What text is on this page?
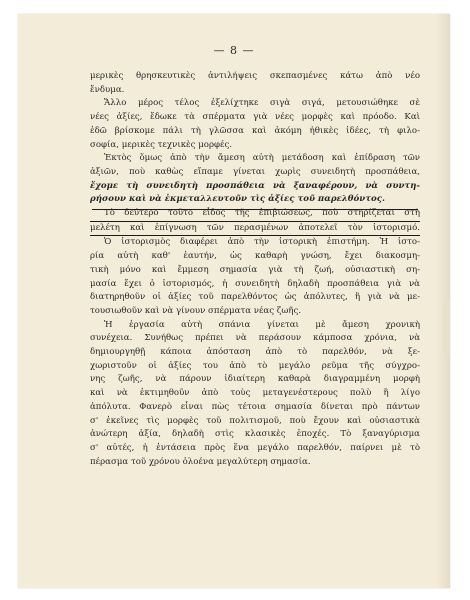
— 8 —
μερικὲς θρησκευτικὲς ἀντιλήψεις σκεπασμένες κάτω ἀπὸ νέο
ἔνδυμα.
Ἄλλο μέρος τέλος ἐξελίχτηκε σιγὰ σιγά, μετουσιώθηκε σὲ
νέες ἀξίες, ἔδωκε τὰ σπέρματα γιὰ νέες μορφὲς καὶ πρόοδο. Καὶ
ἐδῶ βρίσκομε πάλι τὴ γλῶσσα καὶ ἀκόμη ἠθικὲς ἰδέες, τὴ φιλο-
σοφία, μερικὲς τεχνικὲς μορφές.
Ἐκτὸς ὅμως ἀπὸ τὴν ἄμεση αὐτὴ μετάδοση καὶ ἐπίδραση τῶν
ἀξιῶν, ποὺ καθὼς εἴπαμε γίνεται χωρὶς συνειδητὴ προσπάθεια,
ἔχομε τὴ συνειδητὴ προσπάθεια νὰ ξαναφέρουν, νὰ συντη-
ρήσουν καὶ νὰ ἐκμεταλλευτοῦν τὶς ἀξίες τοῦ παρελθόντος.
Τὸ δεύτερο τοῦτο εἶδος τῆς ἐπιβιώσεως, ποὺ στηρίζεται στὴ
μελέτη καὶ ἐπίγνωση τῶν περασμένων ἀποτελεῖ τὸν ἱστορισμό.
Ὁ ἱστορισμὸς διαφέρει ἀπὸ τὴν ἱστορικὴ ἐπιστήμη. Ἡ ἱστο-
ρία αὐτὴ καθ' ἑαυτήν, ὡς καθαρὴ γνώση, ἔχει διακοσμη-
τικὴ μόνο καὶ ἔμμεση σημασία γιὰ τὴ ζωή, οὐσιαστικὴ ση-
μασία ἔχει ὁ ἱστορισμός, ἡ συνειδητὴ δηλαδὴ προσπάθεια γιὰ νὰ
διατηρηθοῦν οἱ ἀξίες τοῦ παρελθόντος ὡς ἀπόλυτες, ἢ γιὰ νὰ με-
τουσιωθοῦν καὶ νὰ γίνουν σπέρματα νέας ζωῆς.
Ἡ ἐργασία αὐτὴ σπάνια γίνεται μὲ ἄμεση χρονικὴ
συνέχεια. Συνήθως πρέπει νὰ περάσουν κάμποσα χρόνια, νὰ
δημιουργηθῇ κάποια ἀπόσταση ἀπὸ τὸ παρελθόν, νὰ ξε-
χωριστοῦν οἱ ἀξίες του ἀπὸ τὸ μεγάλο ρεῦμα τῆς σύγχρο-
νης ζωῆς, νὰ πάρουν ἰδιαίτερη καθαρὰ διαγραμμένη μορφὴ
καὶ νὰ ἐκτιμηθοῦν ἀπὸ τοὺς μεταγενέστερους πολὺ ἢ λίγο
ἀπόλυτα. Φανερὸ εἶναι πὼς τέτοια σημασία δίνεται πρὸ πάντων
σ' ἐκεῖνες τὶς μορφὲς τοῦ πολιτισμοῦ, ποὺ ἔχουν καὶ οὐσιαστικὰ
ἀνώτερη ἀξία, δηλαδὴ στὶς κλασικὲς ἐποχές. Τὸ ξαναγύρισμα
σ' αὐτές, ἡ ἐντάσεια πρὸς ἕνα μεγάλο παρελθόν, παίρνει μὲ τὸ
πέρασμα τοῦ χρόνου ὁλοένα μεγαλύτερη σημασία.
